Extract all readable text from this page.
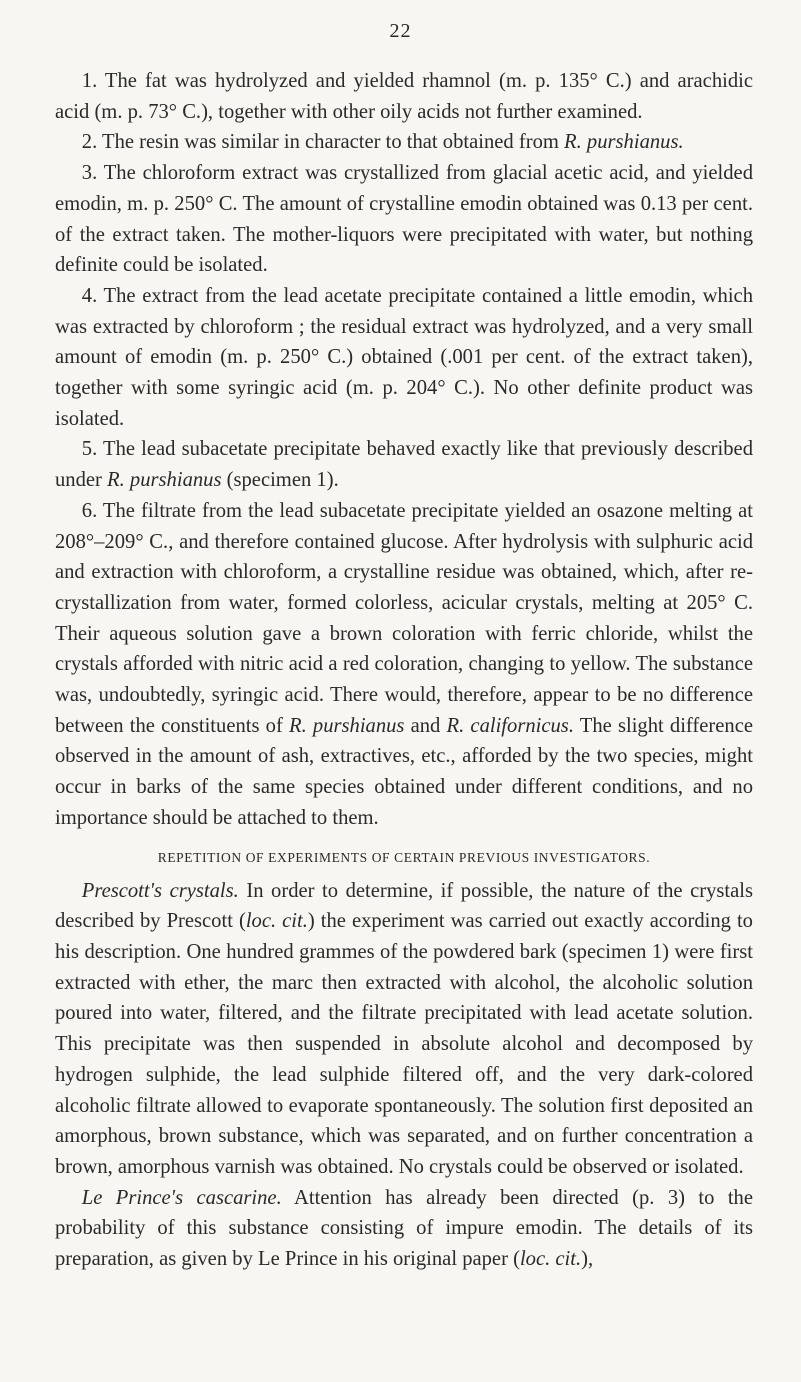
22

1. The fat was hydrolyzed and yielded rhamnol (m. p. 135° C.) and arachidic acid (m. p. 73° C.), together with other oily acids not further examined.

2. The resin was similar in character to that obtained from R. purshianus.

3. The chloroform extract was crystallized from glacial acetic acid, and yielded emodin, m. p. 250° C. The amount of crystalline emodin obtained was 0.13 per cent. of the extract taken. The mother-liquors were precipitated with water, but nothing definite could be isolated.

4. The extract from the lead acetate precipitate contained a little emodin, which was extracted by chloroform ; the residual extract was hydrolyzed, and a very small amount of emodin (m. p. 250° C.) obtained (.001 per cent. of the extract taken), together with some syringic acid (m. p. 204° C.). No other definite product was isolated.

5. The lead subacetate precipitate behaved exactly like that previously described under R. purshianus (specimen 1).

6. The filtrate from the lead subacetate precipitate yielded an osazone melting at 208°–209° C., and therefore contained glucose. After hydrolysis with sulphuric acid and extraction with chloroform, a crystalline residue was obtained, which, after re-crystallization from water, formed colorless, acicular crystals, melting at 205° C. Their aqueous solution gave a brown coloration with ferric chloride, whilst the crystals afforded with nitric acid a red coloration, changing to yellow. The substance was, undoubtedly, syringic acid. There would, therefore, appear to be no difference between the constituents of R. purshianus and R. californicus. The slight difference observed in the amount of ash, extractives, etc., afforded by the two species, might occur in barks of the same species obtained under different conditions, and no importance should be attached to them.

REPETITION OF EXPERIMENTS OF CERTAIN PREVIOUS INVESTIGATORS.

Prescott's crystals. In order to determine, if possible, the nature of the crystals described by Prescott (loc. cit.) the experiment was carried out exactly according to his description. One hundred grammes of the powdered bark (specimen 1) were first extracted with ether, the marc then extracted with alcohol, the alcoholic solution poured into water, filtered, and the filtrate precipitated with lead acetate solution. This precipitate was then suspended in absolute alcohol and decomposed by hydrogen sulphide, the lead sulphide filtered off, and the very dark-colored alcoholic filtrate allowed to evaporate spontaneously. The solution first deposited an amorphous, brown substance, which was separated, and on further concentration a brown, amorphous varnish was obtained. No crystals could be observed or isolated.

Le Prince's cascarine. Attention has already been directed (p. 3) to the probability of this substance consisting of impure emodin. The details of its preparation, as given by Le Prince in his original paper (loc. cit.),
